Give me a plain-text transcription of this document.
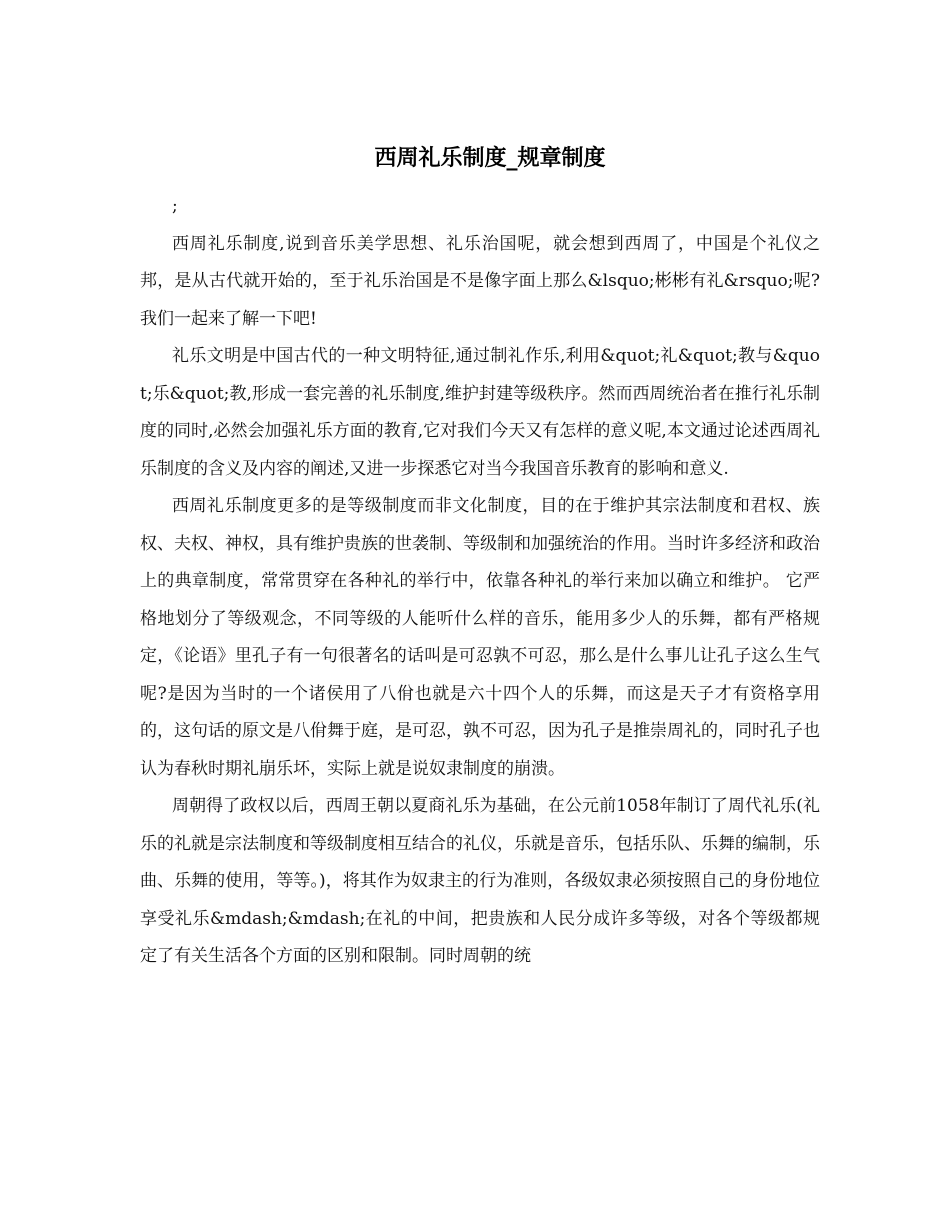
西周礼乐制度_规章制度

;

西周礼乐制度,说到音乐美学思想、礼乐治国呢，就会想到西周了，中国是个礼仪之邦，是从古代就开始的，至于礼乐治国是不是像字面上那么&lsquo;彬彬有礼&rsquo;呢?我们一起来了解一下吧!

礼乐文明是中国古代的一种文明特征,通过制礼作乐,利用&quot;礼&quot;教与&quot;乐&quot;教,形成一套完善的礼乐制度,维护封建等级秩序。然而西周统治者在推行礼乐制度的同时,必然会加强礼乐方面的教育,它对我们今天又有怎样的意义呢,本文通过论述西周礼乐制度的含义及内容的阐述,又进一步探悉它对当今我国音乐教育的影响和意义.

西周礼乐制度更多的是等级制度而非文化制度，目的在于维护其宗法制度和君权、族权、夫权、神权，具有维护贵族的世袭制、等级制和加强统治的作用。当时许多经济和政治上的典章制度，常常贯穿在各种礼的举行中，依靠各种礼的举行来加以确立和维护。 它严格地划分了等级观念，不同等级的人能听什么样的音乐，能用多少人的乐舞，都有严格规定，《论语》里孔子有一句很著名的话叫是可忍孰不可忍，那么是什么事儿让孔子这么生气呢?是因为当时的一个诸侯用了八佾也就是六十四个人的乐舞，而这是天子才有资格享用的，这句话的原文是八佾舞于庭，是可忍，孰不可忍，因为孔子是推崇周礼的，同时孔子也认为春秋时期礼崩乐坏，实际上就是说奴隶制度的崩溃。

周朝得了政权以后，西周王朝以夏商礼乐为基础，在公元前1058年制订了周代礼乐(礼乐的礼就是宗法制度和等级制度相互结合的礼仪，乐就是音乐，包括乐队、乐舞的编制，乐曲、乐舞的使用，等等。)，将其作为奴隶主的行为准则，各级奴隶必须按照自己的身份地位享受礼乐&mdash;&mdash;在礼的中间，把贵族和人民分成许多等级，对各个等级都规定了有关生活各个方面的区别和限制。同时周朝的统
